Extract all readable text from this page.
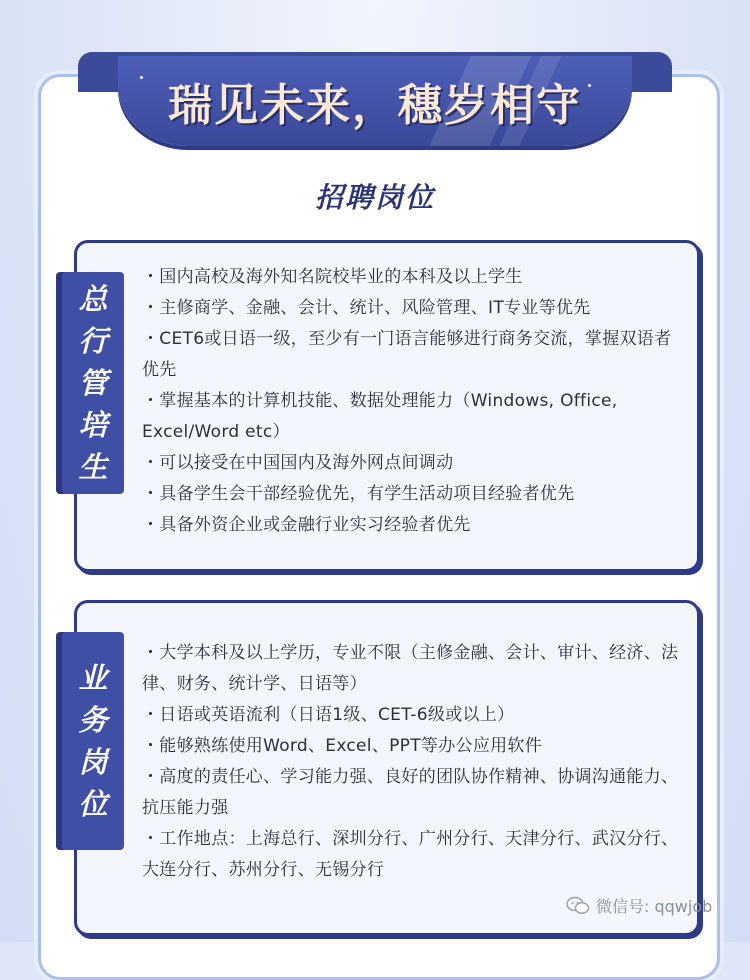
瑞见未来，穗岁相守
招聘岗位
总
行
管
培
生
・国内高校及海外知名院校毕业的本科及以上学生
・主修商学、金融、会计、统计、风险管理、IT专业等优先
・CET6或日语一级，至少有一门语言能够进行商务交流，掌握双语者优先
・掌握基本的计算机技能、数据处理能力（Windows, Office, Excel/Word etc）
・可以接受在中国国内及海外网点间调动
・具备学生会干部经验优先，有学生活动项目经验者优先
・具备外资企业或金融行业实习经验者优先
业
务
岗
位
・大学本科及以上学历，专业不限（主修金融、会计、审计、经济、法律、财务、统计学、日语等）
・日语或英语流利（日语1级、CET-6级或以上）
・能够熟练使用Word、Excel、PPT等办公应用软件
・高度的责任心、学习能力强、良好的团队协作精神、协调沟通能力、抗压能力强
・工作地点：上海总行、深圳分行、广州分行、天津分行、武汉分行、大连分行、苏州分行、无锡分行
微信号: qqwjob
